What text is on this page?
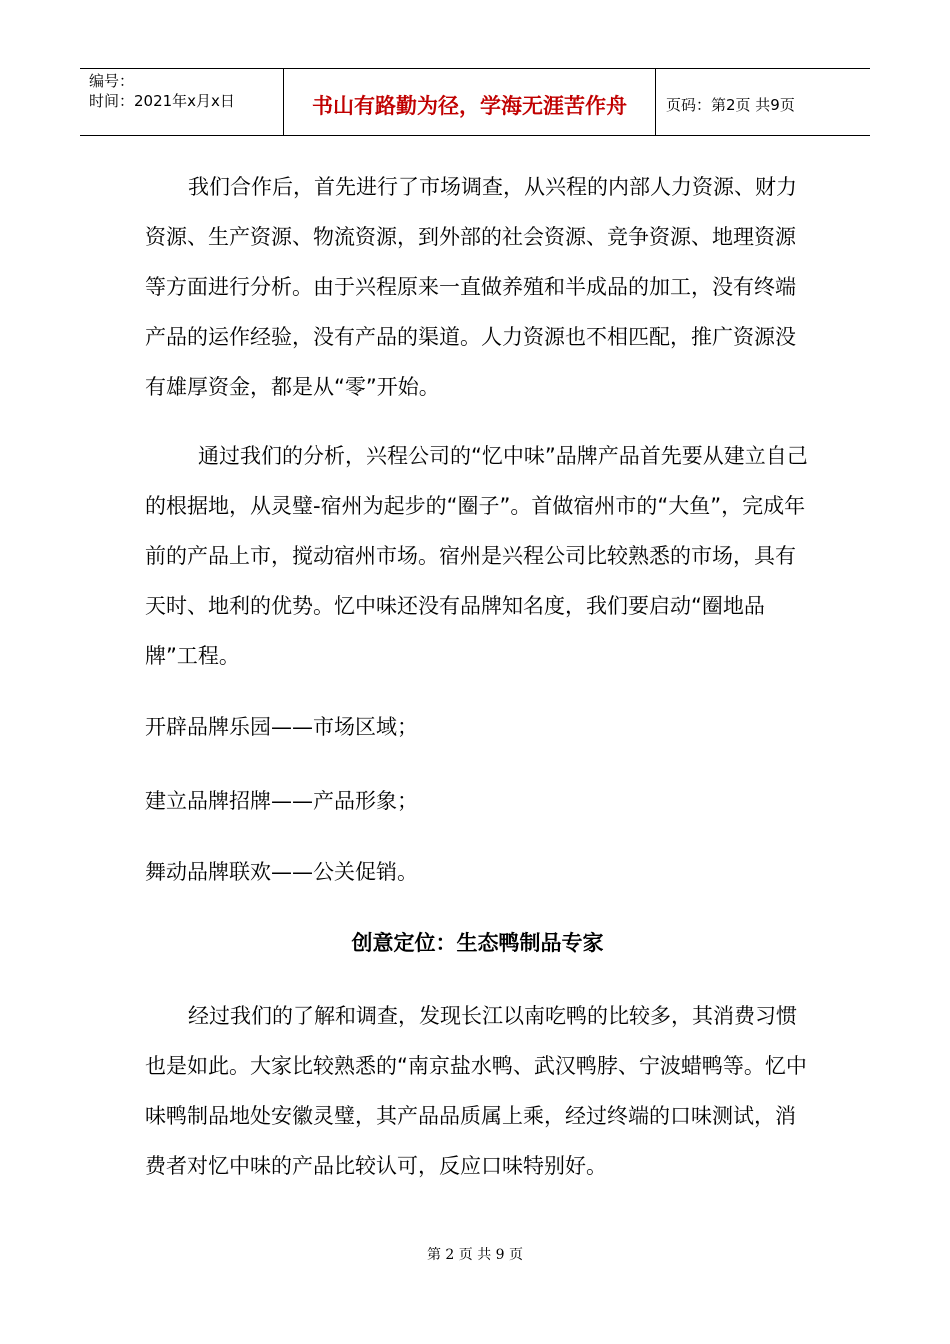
编号：
时间：2021年x月x日	书山有路勤为径，学海无涯苦作舟	页码：第2页 共9页

我们合作后，首先进行了市场调查，从兴程的内部人力资源、财力资源、生产资源、物流资源，到外部的社会资源、竞争资源、地理资源等方面进行分析。由于兴程原来一直做养殖和半成品的加工，没有终端产品的运作经验，没有产品的渠道。人力资源也不相匹配，推广资源没有雄厚资金，都是从“零”开始。

通过我们的分析，兴程公司的“忆中味”品牌产品首先要从建立自己的根据地，从灵璧-宿州为起步的“圈子”。首做宿州市的“大鱼”，完成年前的产品上市，搅动宿州市场。宿州是兴程公司比较熟悉的市场，具有天时、地利的优势。忆中味还没有品牌知名度，我们要启动“圈地品牌”工程。

开辟品牌乐园——市场区域；

建立品牌招牌——产品形象；

舞动品牌联欢——公关促销。

创意定位：生态鸭制品专家

经过我们的了解和调查，发现长江以南吃鸭的比较多，其消费习惯也是如此。大家比较熟悉的“南京盐水鸭、武汉鸭脖、宁波蜡鸭等。忆中味鸭制品地处安徽灵璧，其产品品质属上乘，经过终端的口味测试，消费者对忆中味的产品比较认可，反应口味特别好。

第 2 页 共 9 页
